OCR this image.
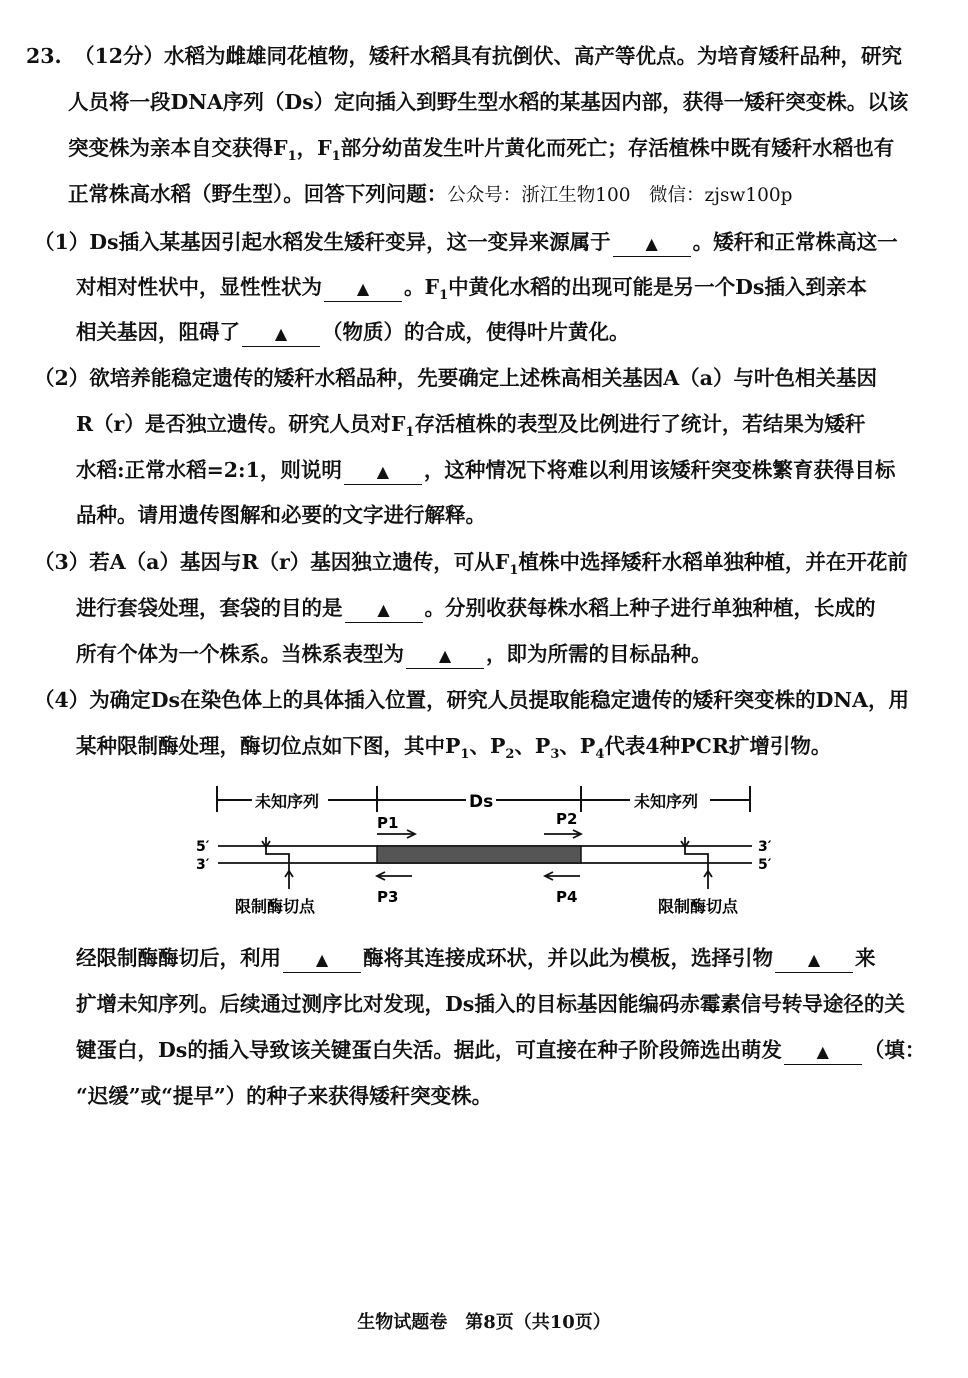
23. （12分）水稻为雌雄同花植物，矮秆水稻具有抗倒伏、高产等优点。为培育矮秆品种，研究
人员将一段DNA序列（Ds）定向插入到野生型水稻的某基因内部，获得一矮秆突变株。以该
突变株为亲本自交获得$F_1$，$F_1$部分幼苗发生叶片黄化而死亡；存活植株中既有矮秆水稻也有
正常株高水稻（野生型）。回答下列问题：公众号：浙江生物100　微信：zjsw100p
（1）Ds插入某基因引起水稻发生矮秆变异，这一变异来源属于 ▲ 。矮秆和正常株高这一
对相对性状中，显性性状为 ▲ 。$F_1$中黄化水稻的出现可能是另一个Ds插入到亲本
相关基因，阻碍了 ▲ （物质）的合成，使得叶片黄化。
（2）欲培养能稳定遗传的矮秆水稻品种，先要确定上述株高相关基因A（a）与叶色相关基因
R（r）是否独立遗传。研究人员对$F_1$存活植株的表型及比例进行了统计，若结果为矮秆
水稻:正常水稻=2:1，则说明 ▲ ，这种情况下将难以利用该矮秆突变株繁育获得目标
品种。请用遗传图解和必要的文字进行解释。
（3）若A（a）基因与R（r）基因独立遗传，可从$F_1$植株中选择矮秆水稻单独种植，并在开花前
进行套袋处理，套袋的目的是 ▲ 。分别收获每株水稻上种子进行单独种植，长成的
所有个体为一个株系。当株系表型为 ▲ ，即为所需的目标品种。
（4）为确定Ds在染色体上的具体插入位置，研究人员提取能稳定遗传的矮秆突变株的DNA，用
某种限制酶处理，酶切位点如下图，其中$P_1$、$P_2$、$P_3$、$P_4$代表4种PCR扩增引物。
未知序列	Ds	未知序列
5′
3′
3′
5′
P1	P2
P3	P4
限制酶切点	限制酶切点
经限制酶酶切后，利用 ▲ 酶将其连接成环状，并以此为模板，选择引物 ▲ 来
扩增未知序列。后续通过测序比对发现，Ds插入的目标基因能编码赤霉素信号转导途径的关
键蛋白，Ds的插入导致该关键蛋白失活。据此，可直接在种子阶段筛选出萌发 ▲ （填：
“迟缓”或“提早”）的种子来获得矮秆突变株。
生物试题卷　第8页（共10页）
